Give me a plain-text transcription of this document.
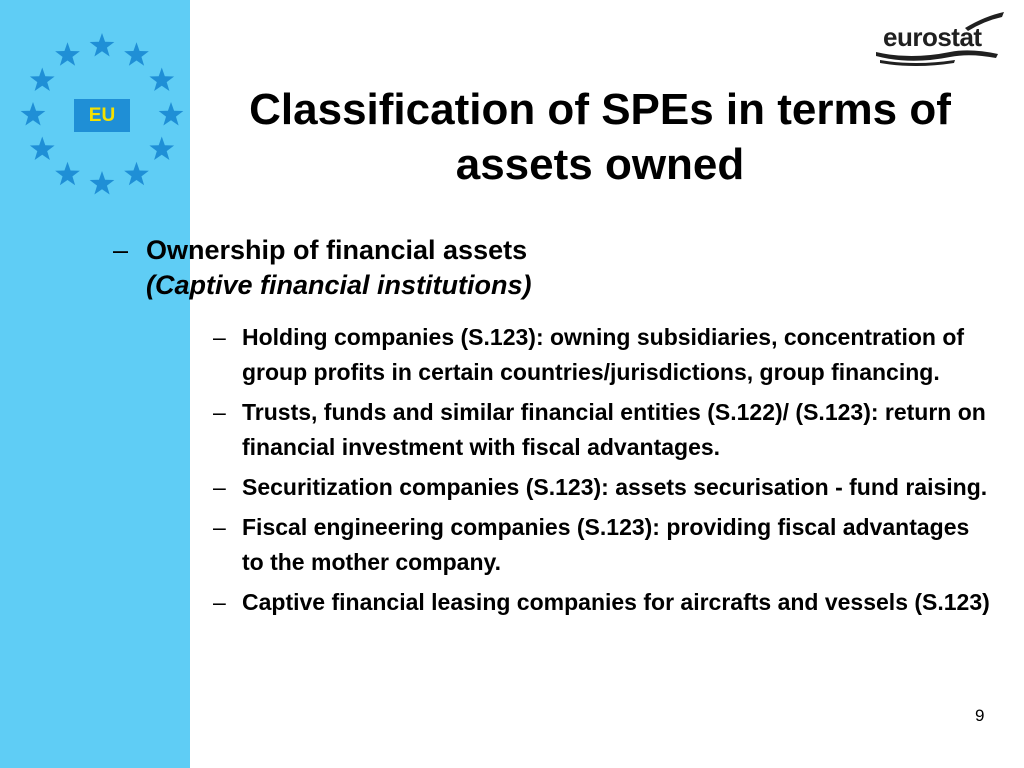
EU
eurostat
Classification of SPEs in terms of
assets owned
– Ownership of financial assets
(Captive financial institutions)
– Holding companies (S.123): owning subsidiaries, concentration of group profits in certain countries/jurisdictions, group financing.
– Trusts, funds and similar financial entities (S.122)/ (S.123): return on financial investment with fiscal advantages.
– Securitization companies (S.123): assets securisation - fund raising.
– Fiscal engineering companies (S.123): providing fiscal advantages to the mother company.
– Captive financial leasing companies for aircrafts and vessels (S.123)
9
